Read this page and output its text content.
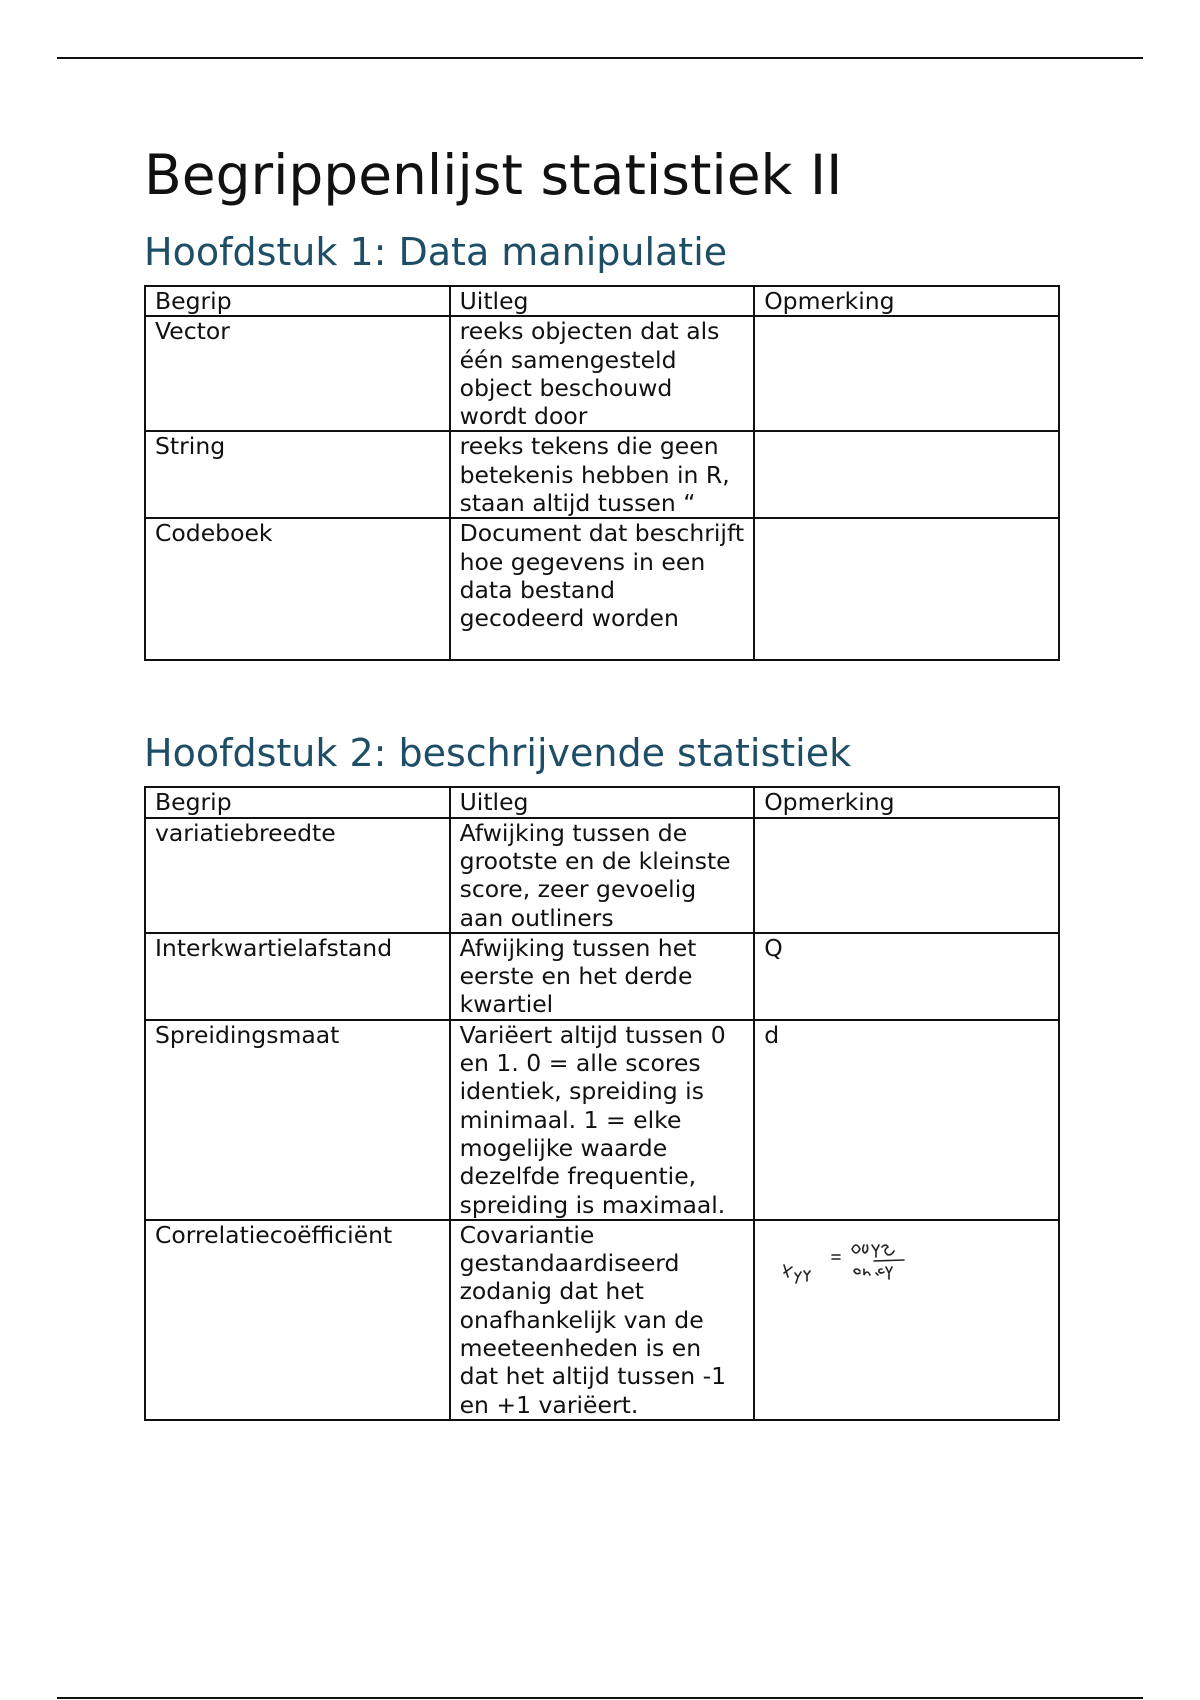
Begrippenlijst statistiek II
Hoofdstuk 1: Data manipulatie
Begrip	Uitleg	Opmerking
Vector	reeks objecten dat als één samengesteld object beschouwd wordt door	
String	reeks tekens die geen betekenis hebben in R, staan altijd tussen “	
Codeboek	Document dat beschrijft hoe gegevens in een data bestand gecodeerd worden	
Hoofdstuk 2: beschrijvende statistiek
Begrip	Uitleg	Opmerking
variatiebreedte	Afwijking tussen de grootste en de kleinste score, zeer gevoelig aan outliners	
Interkwartielafstand	Afwijking tussen het eerste en het derde kwartiel	Q
Spreidingsmaat	Variëert altijd tussen 0 en 1. 0 = alle scores identiek, spreiding is minimaal. 1 = elke mogelijke waarde dezelfde frequentie, spreiding is maximaal.	d
Correlatiecoëfficiënt	Covariantie gestandaardiseerd zodanig dat het onafhankelijk van de meeteenheden is en dat het altijd tussen -1 en +1 variëert.	
